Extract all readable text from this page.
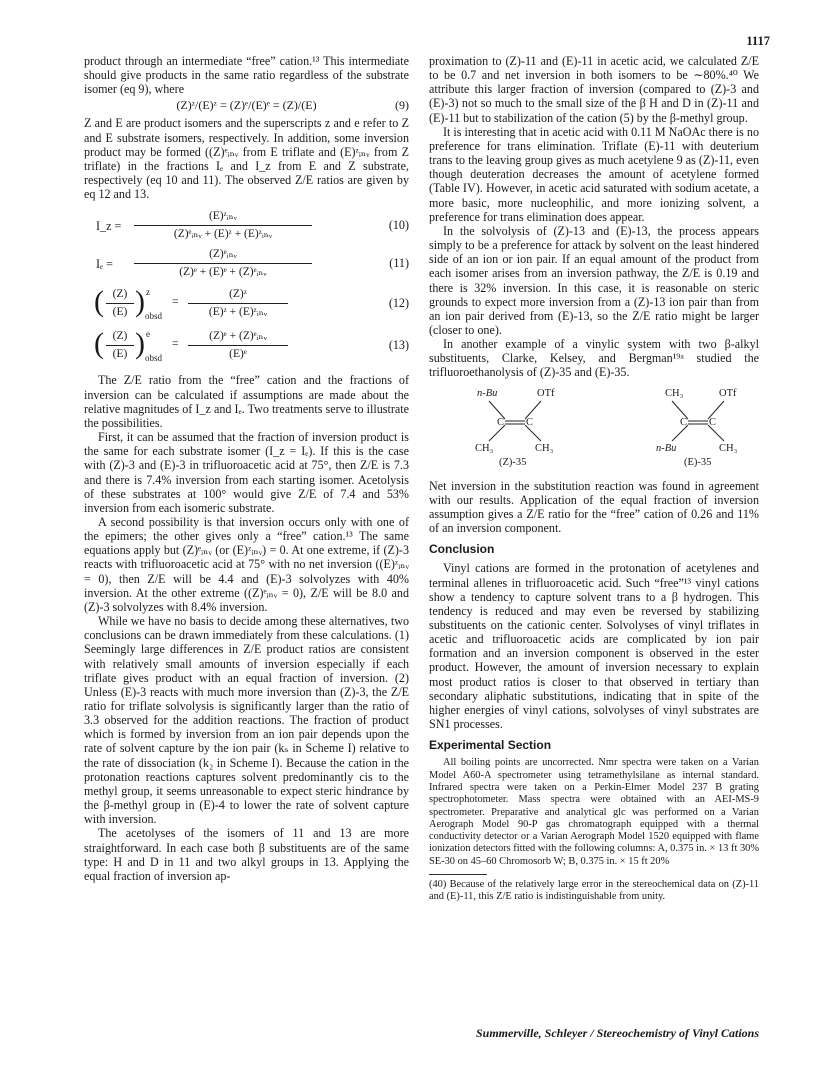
1117

product through an intermediate “free” cation.¹³ This intermediate should give products in the same ratio regardless of the substrate isomer (eq 9), where

(Z)ᶻ/(E)ᶻ = (Z)ᵉ/(E)ᵉ = (Z)/(E)	(9)

Z and E are product isomers and the superscripts z and e refer to Z and E substrate isomers, respectively. In addition, some inversion product may be formed ((Z)ᵉᵢₙᵥ from E triflate and (E)ᶻᵢₙᵥ from Z triflate) in the fractions Iₑ and I_z from E and Z substrate, respectively (eq 10 and 11). The observed Z/E ratios are given by eq 12 and 13.

I_z =
(E)ᶻᵢₙᵥ
(Z)ᵉᵢₙᵥ + (E)ᶻ + (E)ᶻᵢₙᵥ
(10)
Iₑ =
(Z)ᵉᵢₙᵥ
(Z)ᵉ + (E)ᵉ + (Z)ᵉᵢₙᵥ
(11)
( $\frac{(Z)}{(E)}$ ) z
obsd
=
(Z)ᶻ
(E)ᶻ + (E)ᶻᵢₙᵥ
(12)
( $\frac{(Z)}{(E)}$ ) e
obsd
=
(Z)ᵉ + (Z)ᵉᵢₙᵥ
(E)ᵉ
(13)

The Z/E ratio from the “free” cation and the fractions of inversion can be calculated if assumptions are made about the relative magnitudes of I_z and Iₑ. Two treatments serve to illustrate the possibilities.

First, it can be assumed that the fraction of inversion product is the same for each substrate isomer (I_z = Iₑ). If this is the case with (Z)-3 and (E)-3 in trifluoroacetic acid at 75°, then Z/E is 7.3 and there is 7.4% inversion from each starting isomer. Acetolysis of these substrates at 100° would give Z/E of 7.4 and 53% inversion from each isomeric substrate.

A second possibility is that inversion occurs only with one of the epimers; the other gives only a “free” cation.¹³ The same equations apply but (Z)ᵉᵢₙᵥ (or (E)ᶻᵢₙᵥ) = 0. At one extreme, if (Z)-3 reacts with trifluoroacetic acid at 75° with no net inversion ((E)ᶻᵢₙᵥ = 0), then Z/E will be 4.4 and (E)-3 solvolyzes with 40% inversion. At the other extreme ((Z)ᵉᵢₙᵥ = 0), Z/E will be 8.0 and (Z)-3 solvolyzes with 8.4% inversion.

While we have no basis to decide among these alternatives, two conclusions can be drawn immediately from these calculations. (1) Seemingly large differences in Z/E product ratios are consistent with relatively small amounts of inversion especially if each triflate gives product with an equal fraction of inversion. (2) Unless (E)-3 reacts with much more inversion than (Z)-3, the Z/E ratio for triflate solvolysis is significantly larger than the ratio of 3.3 observed for the addition reactions. The fraction of product which is formed by inversion from an ion pair depends upon the rate of solvent capture by the ion pair (kₛ in Scheme I) relative to the rate of dissociation (k₂ in Scheme I). Because the cation in the protonation reactions captures solvent predominantly cis to the methyl group, it seems unreasonable to expect steric hindrance by the β-methyl group in (E)-4 to lower the rate of solvent capture with inversion.

The acetolyses of the isomers of 11 and 13 are more straightforward. In each case both β substituents are of the same type: H and D in 11 and two alkyl groups in 13. Applying the equal fraction of inversion ap-

proximation to (Z)-11 and (E)-11 in acetic acid, we calculated Z/E to be 0.7 and net inversion in both isomers to be ∼80%.⁴⁰ We attribute this larger fraction of inversion (compared to (Z)-3 and (E)-3) not so much to the small size of the β H and D in (Z)-11 and (E)-11 but to stabilization of the cation (5) by the β-methyl group.

It is interesting that in acetic acid with 0.11 M NaOAc there is no preference for trans elimination. Triflate (E)-11 with deuterium trans to the leaving group gives as much acetylene 9 as (Z)-11, even though deuteration decreases the amount of acetylene formed (Table IV). However, in acetic acid saturated with sodium acetate, a more basic, more nucleophilic, and more ionizing solvent, a preference for trans elimination does appear.

In the solvolysis of (Z)-13 and (E)-13, the process appears simply to be a preference for attack by solvent on the least hindered side of an ion or ion pair. If an equal amount of the product from each isomer arises from an inversion pathway, the Z/E is 0.19 and there is 32% inversion. In this case, it is reasonable on steric grounds to expect more inversion from a (Z)-13 ion pair than from an ion pair derived from (E)-13, so the Z/E ratio might be larger (closer to one).

In another example of a vinylic system with two β-alkyl substituents, Clarke, Kelsey, and Bergman¹⁹ᵃ studied the trifluoroethanolysis of (Z)-35 and (E)-35.

n-Bu	OTf
C C
CH₃	CH₃
(Z)-35
CH₃	OTf
C C
n-Bu	CH₃
(E)-35

Net inversion in the substitution reaction was found in agreement with our results. Application of the equal fraction of inversion assumption gives a Z/E ratio for the “free” cation of 0.26 and 11% of an inversion component.

Conclusion

Vinyl cations are formed in the protonation of acetylenes and terminal allenes in trifluoroacetic acid. Such “free”¹³ vinyl cations show a tendency to capture solvent trans to a β hydrogen. This tendency is reduced and may even be reversed by stabilizing substituents on the cationic center. Solvolyses of vinyl triflates in acetic and trifluoroacetic acids are complicated by ion pair formation and an inversion component is observed in the ester product. However, the amount of inversion necessary to explain most product ratios is closer to that observed in tertiary than secondary aliphatic substitutions, indicating that in spite of the higher energies of vinyl cations, solvolyses of vinyl substrates are SN1 processes.

Experimental Section

All boiling points are uncorrected. Nmr spectra were taken on a Varian Model A60-A spectrometer using tetramethylsilane as internal standard. Infrared spectra were taken on a Perkin-Elmer Model 237 B grating spectrophotometer. Mass spectra were obtained with an AEI-MS-9 spectrometer. Preparative and analytical glc was performed on a Varian Aerograph Model 90-P gas chromatograph equipped with a thermal conductivity detector or a Varian Aerograph Model 1520 equipped with flame ionization detectors fitted with the following columns: A, 0.375 in. × 13 ft 30% SE-30 on 45–60 Chromosorb W; B, 0.375 in. × 15 ft 20%

(40) Because of the relatively large error in the stereochemical data on (Z)-11 and (E)-11, this Z/E ratio is indistinguishable from unity.

Summerville, Schleyer / Stereochemistry of Vinyl Cations
